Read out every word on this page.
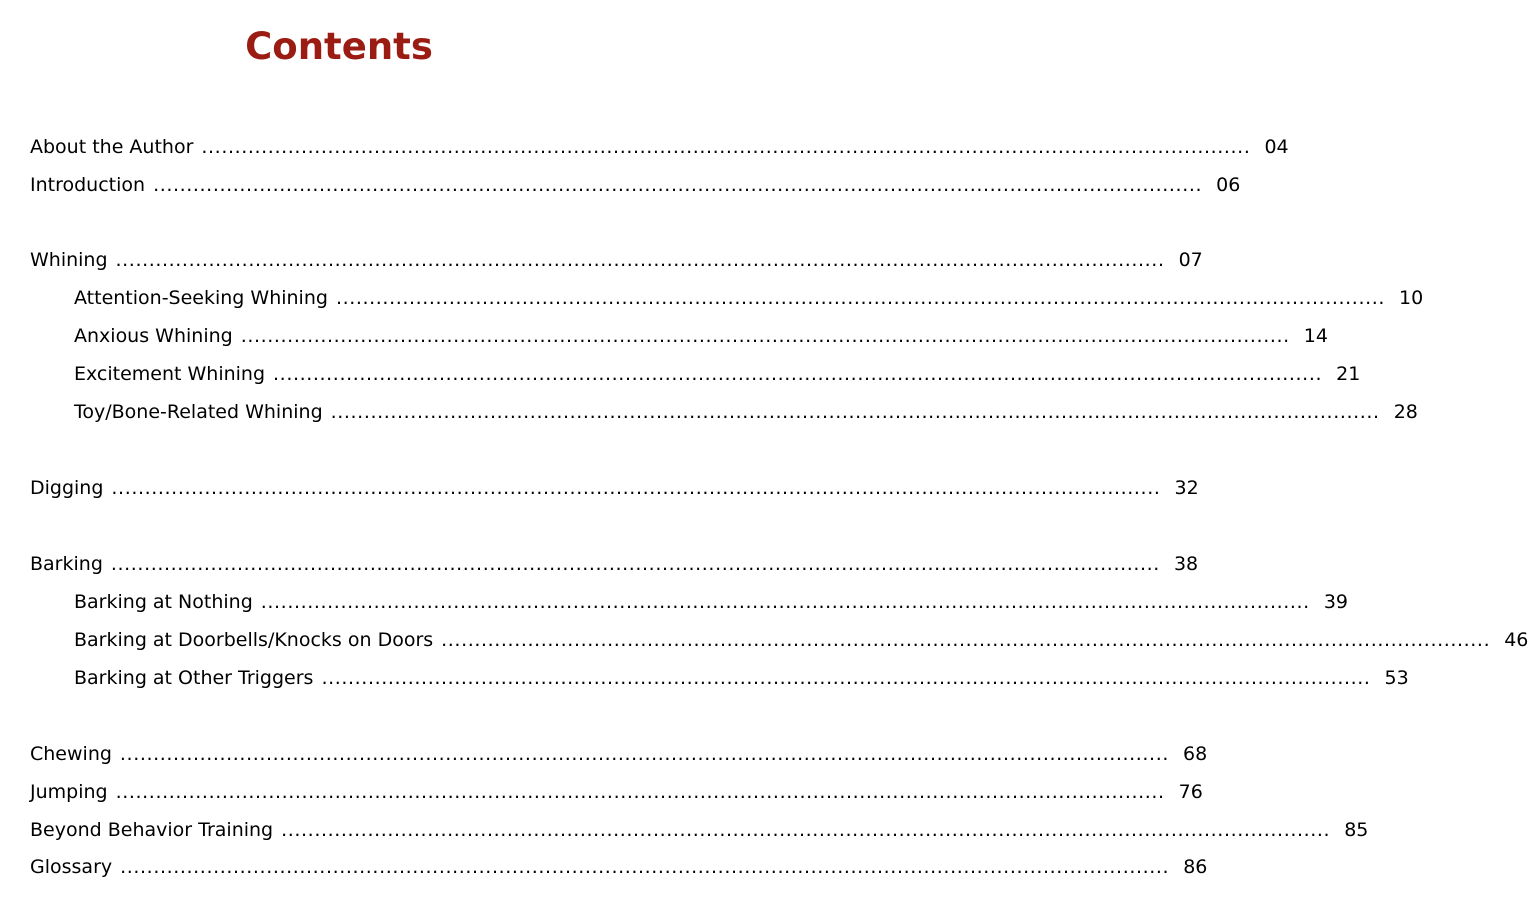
Contents
About the Author .............................................................................................................................................................. 04
Introduction .............................................................................................................................................................. 06
Whining .............................................................................................................................................................. 07
Attention-Seeking Whining .............................................................................................................................................................. 10
Anxious Whining .............................................................................................................................................................. 14
Excitement Whining .............................................................................................................................................................. 21
Toy/Bone-Related Whining .............................................................................................................................................................. 28
Digging .............................................................................................................................................................. 32
Barking .............................................................................................................................................................. 38
Barking at Nothing .............................................................................................................................................................. 39
Barking at Doorbells/Knocks on Doors .............................................................................................................................................................. 46
Barking at Other Triggers .............................................................................................................................................................. 53
Chewing .............................................................................................................................................................. 68
Jumping .............................................................................................................................................................. 76
Beyond Behavior Training .............................................................................................................................................................. 85
Glossary .............................................................................................................................................................. 86
